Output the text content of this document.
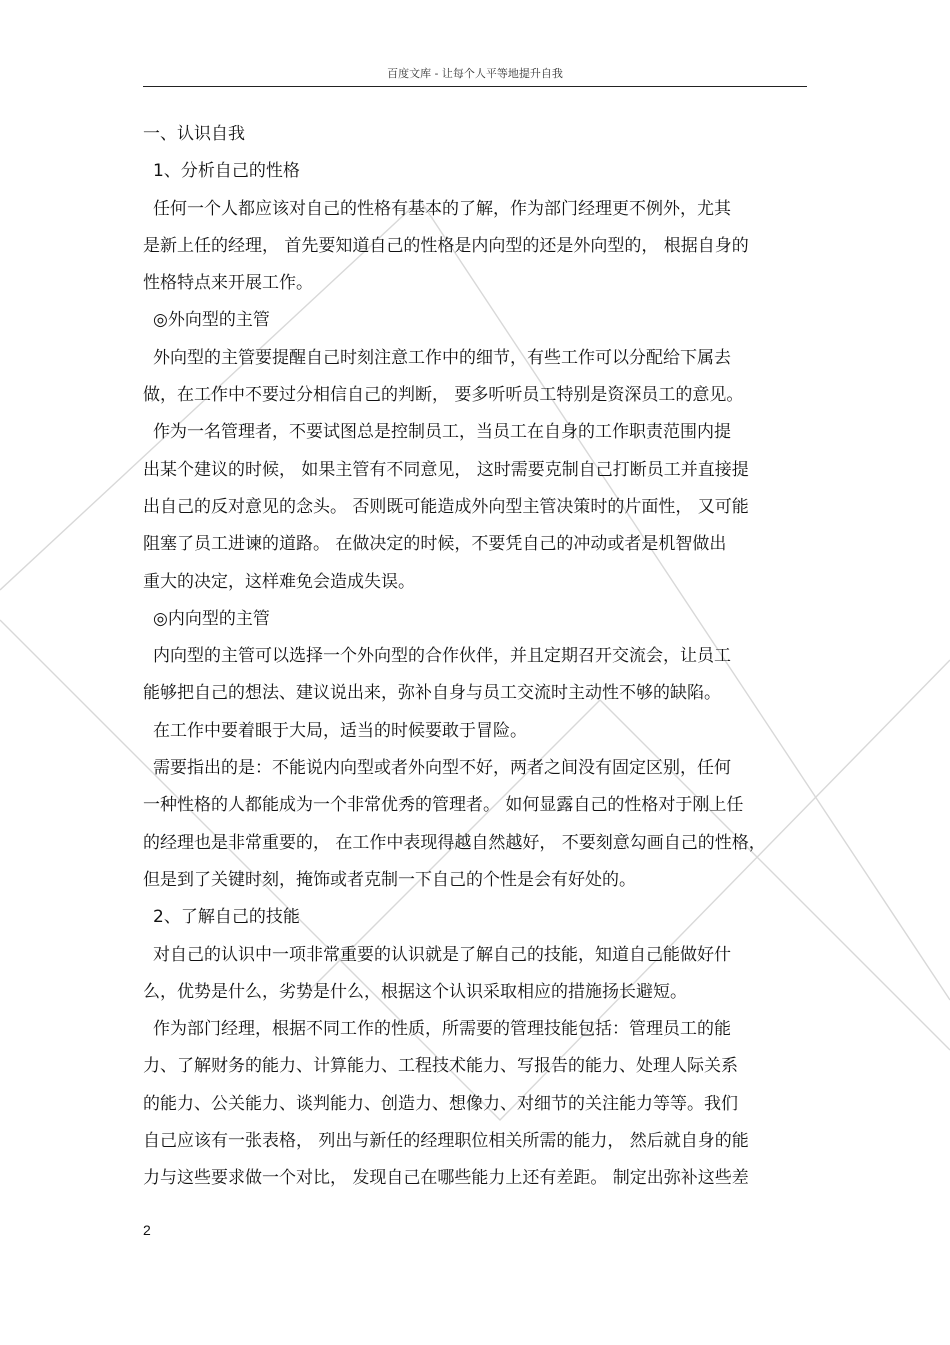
百度文库 - 让每个人平等地提升自我
一、认识自我
1、分析自己的性格
任何一个人都应该对自己的性格有基本的了解，作为部门经理更不例外，尤其
是新上任的经理， 首先要知道自己的性格是内向型的还是外向型的， 根据自身的
性格特点来开展工作。
◎外向型的主管
外向型的主管要提醒自己时刻注意工作中的细节，有些工作可以分配给下属去
做，在工作中不要过分相信自己的判断， 要多听听员工特别是资深员工的意见。
作为一名管理者，不要试图总是控制员工，当员工在自身的工作职责范围内提
出某个建议的时候， 如果主管有不同意见， 这时需要克制自己打断员工并直接提
出自己的反对意见的念头。 否则既可能造成外向型主管决策时的片面性， 又可能
阻塞了员工进谏的道路。 在做决定的时候，不要凭自己的冲动或者是机智做出
重大的决定，这样难免会造成失误。
◎内向型的主管
内向型的主管可以选择一个外向型的合作伙伴，并且定期召开交流会，让员工
能够把自己的想法、建议说出来，弥补自身与员工交流时主动性不够的缺陷。
在工作中要着眼于大局，适当的时候要敢于冒险。
需要指出的是：不能说内向型或者外向型不好，两者之间没有固定区别，任何
一种性格的人都能成为一个非常优秀的管理者。 如何显露自己的性格对于刚上任
的经理也是非常重要的， 在工作中表现得越自然越好， 不要刻意勾画自己的性格，
但是到了关键时刻，掩饰或者克制一下自己的个性是会有好处的。
2、了解自己的技能
对自己的认识中一项非常重要的认识就是了解自己的技能，知道自己能做好什
么，优势是什么，劣势是什么，根据这个认识采取相应的措施扬长避短。
作为部门经理，根据不同工作的性质，所需要的管理技能包括：管理员工的能
力、了解财务的能力、计算能力、工程技术能力、写报告的能力、处理人际关系
的能力、公关能力、谈判能力、创造力、想像力、对细节的关注能力等等。我们
自己应该有一张表格， 列出与新任的经理职位相关所需的能力， 然后就自身的能
力与这些要求做一个对比， 发现自己在哪些能力上还有差距。 制定出弥补这些差
2
